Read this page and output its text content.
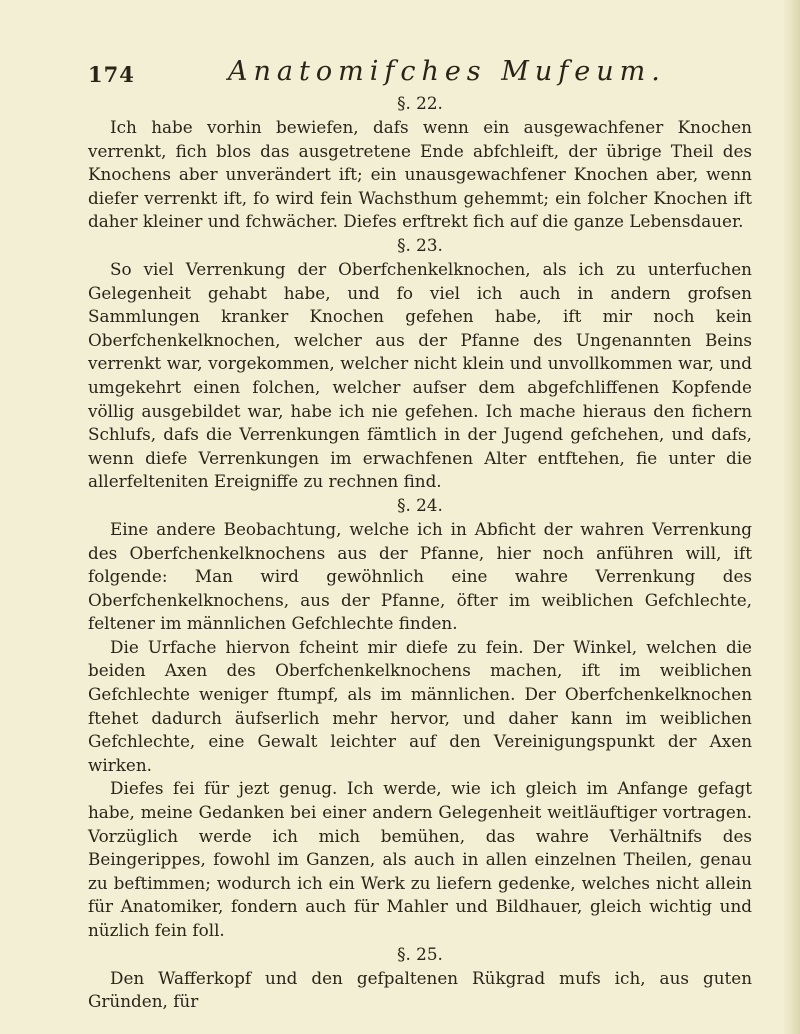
174	Anatomifches Mufeum.
§. 22.

Ich habe vorhin bewiefen, dafs wenn ein ausgewachfener Knochen verrenkt, fich blos das ausgetretene Ende abfchleift, der übrige Theil des Knochens aber unverändert ift; ein unausgewachfener Knochen aber, wenn diefer verrenkt ift, fo wird fein Wachsthum gehemmt; ein folcher Knochen ift daher kleiner und fchwächer. Diefes erftrekt fich auf die ganze Lebensdauer.

§. 23.

So viel Verrenkung der Oberfchenkelknochen, als ich zu unterfuchen Gelegenheit gehabt habe, und fo viel ich auch in andern grofsen Sammlungen kranker Knochen gefehen habe, ift mir noch kein Oberfchenkelknochen, welcher aus der Pfanne des Ungenannten Beins verrenkt war, vorgekommen, welcher nicht klein und unvollkommen war, und umgekehrt einen folchen, welcher aufser dem abgefchliffenen Kopfende völlig ausgebildet war, habe ich nie gefehen. Ich mache hieraus den fichern Schlufs, dafs die Verrenkungen fämtlich in der Jugend gefchehen, und dafs, wenn diefe Verrenkungen im erwachfenen Alter entftehen, fie unter die allerfelteniten Ereigniffe zu rechnen find.

§. 24.

Eine andere Beobachtung, welche ich in Abficht der wahren Verrenkung des Oberfchenkelknochens aus der Pfanne, hier noch anführen will, ift folgende: Man wird gewöhnlich eine wahre Verrenkung des Oberfchenkelknochens, aus der Pfanne, öfter im weiblichen Gefchlechte, feltener im männlichen Gefchlechte finden.

Die Urfache hiervon fcheint mir diefe zu fein. Der Winkel, welchen die beiden Axen des Oberfchenkelknochens machen, ift im weiblichen Gefchlechte weniger ftumpf, als im männlichen. Der Oberfchenkelknochen ftehet dadurch äufserlich mehr hervor, und daher kann im weiblichen Gefchlechte, eine Gewalt leichter auf den Vereinigungspunkt der Axen wirken.

Diefes fei für jezt genug. Ich werde, wie ich gleich im Anfange gefagt habe, meine Gedanken bei einer andern Gelegenheit weitläuftiger vortragen. Vorzüglich werde ich mich bemühen, das wahre Verhältnifs des Beingerippes, fowohl im Ganzen, als auch in allen einzelnen Theilen, genau zu beftimmen; wodurch ich ein Werk zu liefern gedenke, welches nicht allein für Anatomiker, fondern auch für Mahler und Bildhauer, gleich wichtig und nüzlich fein foll.

§. 25.

Den Wafferkopf und den gefpaltenen Rükgrad mufs ich, aus guten Gründen, für
